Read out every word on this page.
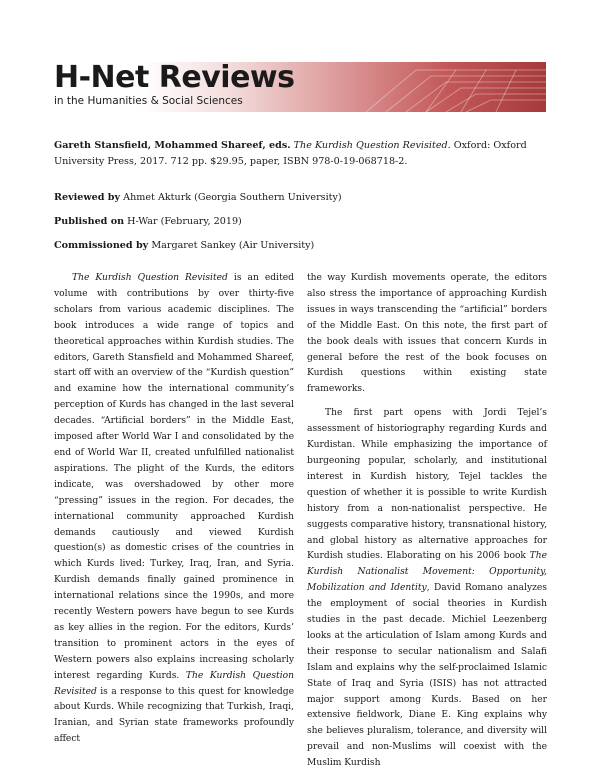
H-Net Reviews
in the Humanities & Social Sciences

Gareth Stansfield, Mohammed Shareef, eds. The Kurdish Question Revisited. Oxford: Oxford University Press, 2017. 712 pp. $29.95, paper, ISBN 978-0-19-068718-2.

Reviewed by Ahmet Akturk (Georgia Southern University)

Published on H-War (February, 2019)

Commissioned by Margaret Sankey (Air University)

The Kurdish Question Revisited is an edited volume with contributions by over thirty-five scholars from various academic disciplines. The book introduces a wide range of topics and theoretical approaches within Kurdish studies. The editors, Gareth Stansfield and Mohammed Shareef, start off with an overview of the “Kurdish question” and examine how the international community’s perception of Kurds has changed in the last several decades. “Artificial borders” in the Middle East, imposed after World War I and consolidated by the end of World War II, created unfulfilled nationalist aspirations. The plight of the Kurds, the editors indicate, was overshadowed by other more “pressing” issues in the region. For decades, the international community approached Kurdish demands cautiously and viewed Kurdish question(s) as domestic crises of the countries in which Kurds lived: Turkey, Iraq, Iran, and Syria. Kurdish demands finally gained prominence in international relations since the 1990s, and more recently Western powers have begun to see Kurds as key allies in the region. For the editors, Kurds’ transition to prominent actors in the eyes of Western powers also explains increasing scholarly interest regarding Kurds. The Kurdish Question Revisited is a response to this quest for knowledge about Kurds. While recognizing that Turkish, Iraqi, Iranian, and Syrian state frameworks profoundly affect

the way Kurdish movements operate, the editors also stress the importance of approaching Kurdish issues in ways transcending the “artificial” borders of the Middle East. On this note, the first part of the book deals with issues that concern Kurds in general before the rest of the book focuses on Kurdish questions within existing state frameworks.

The first part opens with Jordi Tejel’s assessment of historiography regarding Kurds and Kurdistan. While emphasizing the importance of burgeoning popular, scholarly, and institutional interest in Kurdish history, Tejel tackles the question of whether it is possible to write Kurdish history from a non-nationalist perspective. He suggests comparative history, transnational history, and global history as alternative approaches for Kurdish studies. Elaborating on his 2006 book The Kurdish Nationalist Movement: Opportunity, Mobilization and Identity, David Romano analyzes the employment of social theories in Kurdish studies in the past decade. Michiel Leezenberg looks at the articulation of Islam among Kurds and their response to secular nationalism and Salafi Islam and explains why the self-proclaimed Islamic State of Iraq and Syria (ISIS) has not attracted major support among Kurds. Based on her extensive fieldwork, Diane E. King explains why she believes pluralism, tolerance, and diversity will prevail and non-Muslims will coexist with the Muslim Kurdish
